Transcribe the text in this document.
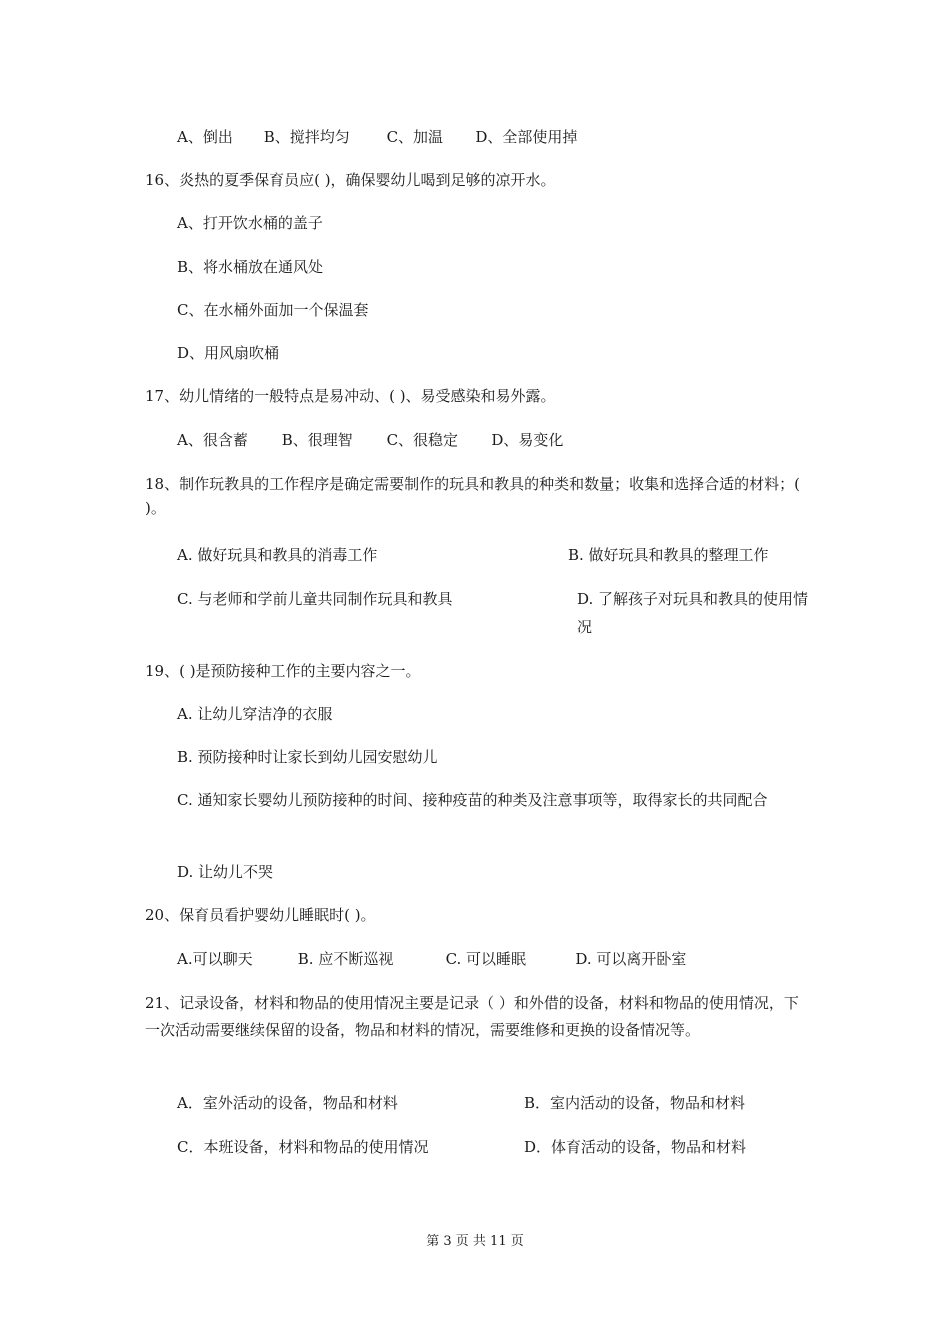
A、倒出 B、搅拌均匀 C、加温 D、全部使用掉
16、炎热的夏季保育员应( )，确保婴幼儿喝到足够的凉开水。
A、打开饮水桶的盖子
B、将水桶放在通风处
C、在水桶外面加一个保温套
D、用风扇吹桶
17、幼儿情绪的一般特点是易冲动、( )、易受感染和易外露。
A、很含蓄 B、很理智 C、很稳定 D、易变化
18、制作玩教具的工作程序是确定需要制作的玩具和教具的种类和数量；收集和选择合适的材料；( )。
A. 做好玩具和教具的消毒工作	B. 做好玩具和教具的整理工作
C. 与老师和学前儿童共同制作玩具和教具	D. 了解孩子对玩具和教具的使用情况
19、( )是预防接种工作的主要内容之一。
A. 让幼儿穿洁净的衣服
B. 预防接种时让家长到幼儿园安慰幼儿
C. 通知家长婴幼儿预防接种的时间、接种疫苗的种类及注意事项等，取得家长的共同配合
D. 让幼儿不哭
20、保育员看护婴幼儿睡眠时( )。
A.可以聊天	B. 应不断巡视	C. 可以睡眠	D. 可以离开卧室
21、记录设备，材料和物品的使用情况主要是记录（ ）和外借的设备，材料和物品的使用情况，下一次活动需要继续保留的设备，物品和材料的情况，需要维修和更换的设备情况等。
A．室外活动的设备，物品和材料	B．室内活动的设备，物品和材料
C．本班设备，材料和物品的使用情况	D．体育活动的设备，物品和材料
第 3 页 共 11 页
